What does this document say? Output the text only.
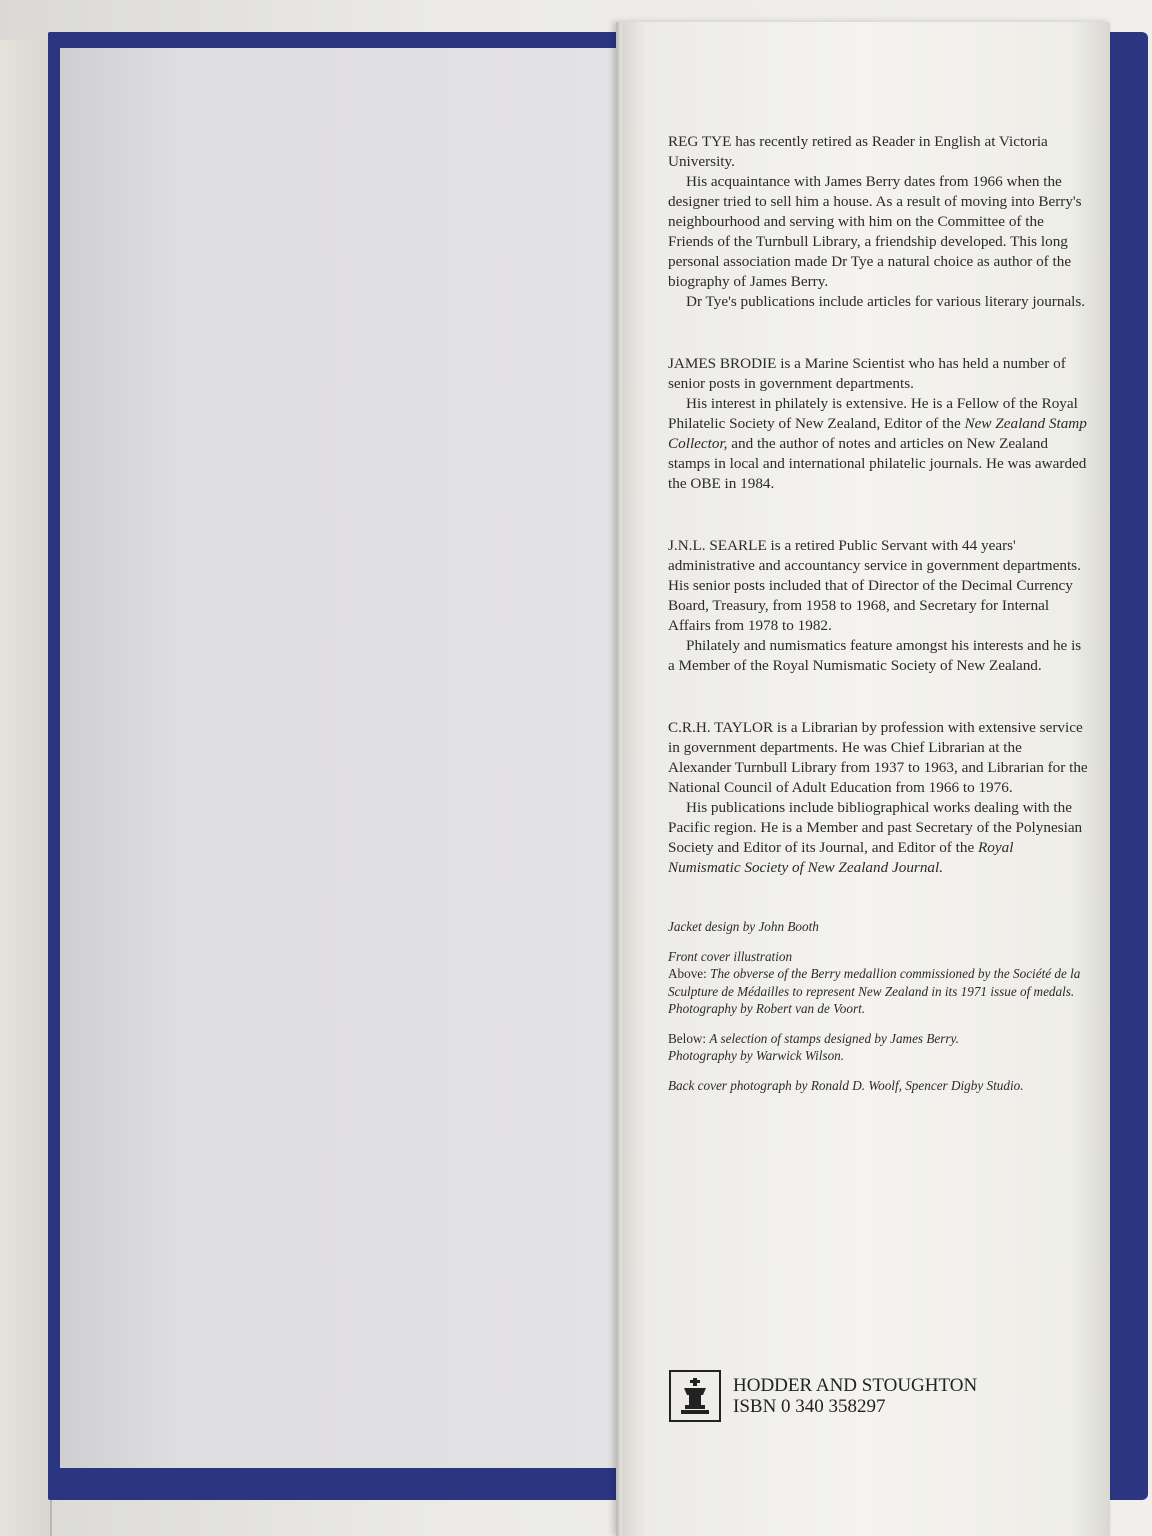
REG TYE has recently retired as Reader in English at Victoria University.

His acquaintance with James Berry dates from 1966 when the designer tried to sell him a house. As a result of moving into Berry's neighbourhood and serving with him on the Committee of the Friends of the Turnbull Library, a friendship developed. This long personal association made Dr Tye a natural choice as author of the biography of James Berry.

Dr Tye's publications include articles for various literary journals.

JAMES BRODIE is a Marine Scientist who has held a number of senior posts in government departments.

His interest in philately is extensive. He is a Fellow of the Royal Philatelic Society of New Zealand, Editor of the New Zealand Stamp Collector, and the author of notes and articles on New Zealand stamps in local and international philatelic journals. He was awarded the OBE in 1984.

J.N.L. SEARLE is a retired Public Servant with 44 years' administrative and accountancy service in government departments. His senior posts included that of Director of the Decimal Currency Board, Treasury, from 1958 to 1968, and Secretary for Internal Affairs from 1978 to 1982.

Philately and numismatics feature amongst his interests and he is a Member of the Royal Numismatic Society of New Zealand.

C.R.H. TAYLOR is a Librarian by profession with extensive service in government departments. He was Chief Librarian at the Alexander Turnbull Library from 1937 to 1963, and Librarian for the National Council of Adult Education from 1966 to 1976.

His publications include bibliographical works dealing with the Pacific region. He is a Member and past Secretary of the Polynesian Society and Editor of its Journal, and Editor of the Royal Numismatic Society of New Zealand Journal.

Jacket design by John Booth

Front cover illustration

Above: The obverse of the Berry medallion commissioned by the Société de la Sculpture de Médailles to represent New Zealand in its 1971 issue of medals.

Photography by Robert van de Voort.

Below: A selection of stamps designed by James Berry.

Photography by Warwick Wilson.

Back cover photograph by Ronald D. Woolf, Spencer Digby Studio.

HODDER AND STOUGHTON
ISBN 0 340 358297
